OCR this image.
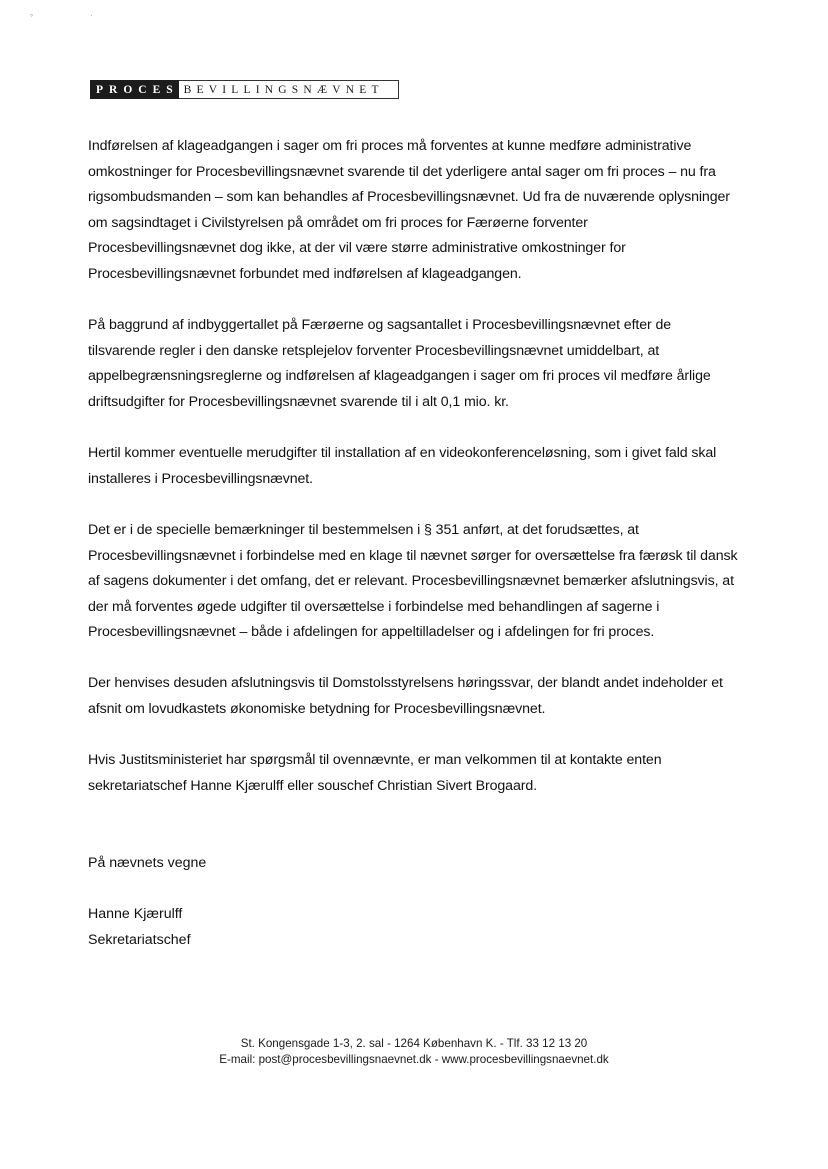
°	·
PROCES BEVILLINGSNÆVNET

Indførelsen af klageadgangen i sager om fri proces må forventes at kunne medføre administrative omkostninger for Procesbevillingsnævnet svarende til det yderligere antal sager om fri proces – nu fra rigsombudsmanden – som kan behandles af Procesbevillingsnævnet. Ud fra de nuværende oplysninger om sagsindtaget i Civilstyrelsen på området om fri proces for Færøerne forventer Procesbevillingsnævnet dog ikke, at der vil være større administrative omkostninger for Procesbevillingsnævnet forbundet med indførelsen af klageadgangen.

På baggrund af indbyggertallet på Færøerne og sagsantallet i Procesbevillingsnævnet efter de tilsvarende regler i den danske retsplejelov forventer Procesbevillingsnævnet umiddelbart, at appelbegrænsningsreglerne og indførelsen af klageadgangen i sager om fri proces vil medføre årlige driftsudgifter for Procesbevillingsnævnet svarende til i alt 0,1 mio. kr.

Hertil kommer eventuelle merudgifter til installation af en videokonferenceløsning, som i givet fald skal installeres i Procesbevillingsnævnet.

Det er i de specielle bemærkninger til bestemmelsen i § 351 anført, at det forudsættes, at Procesbevillingsnævnet i forbindelse med en klage til nævnet sørger for oversættelse fra færøsk til dansk af sagens dokumenter i det omfang, det er relevant. Procesbevillingsnævnet bemærker afslutningsvis, at der må forventes øgede udgifter til oversættelse i forbindelse med behandlingen af sagerne i Procesbevillingsnævnet – både i afdelingen for appeltilladelser og i afdelingen for fri proces.

Der henvises desuden afslutningsvis til Domstolsstyrelsens høringssvar, der blandt andet indeholder et afsnit om lovudkastets økonomiske betydning for Procesbevillingsnævnet.

Hvis Justitsministeriet har spørgsmål til ovennævnte, er man velkommen til at kontakte enten sekretariatschef Hanne Kjærulff eller souschef Christian Sivert Brogaard.

På nævnets vegne
Hanne Kjærulff
Sekretariatschef
St. Kongensgade 1-3, 2. sal - 1264 København K. - Tlf. 33 12 13 20
E-mail: post@procesbevillingsnaevnet.dk - www.procesbevillingsnaevnet.dk
